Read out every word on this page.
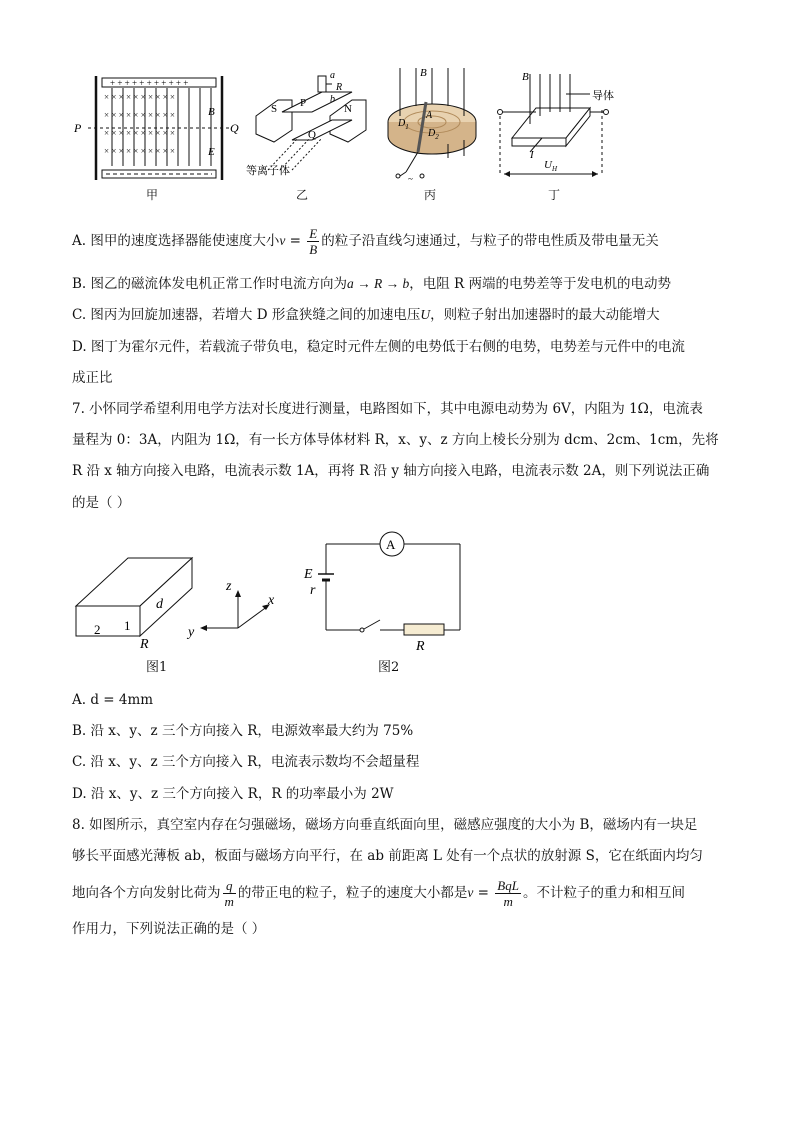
+ + + + + + + + + + +
× × × × × × × × × ×
× × × × × × × × × ×
× × × × × × × × × ×
× × × × × × × × × ×
P	Q
B
E
S P	N
Q
a
b
R
等离子体
~
B
A
$D_1$
$D_2$
B
I
$U_H$
导体
甲	乙	丙	丁
A. 图甲的速度选择器能使速度大小$v = \frac{E}{B}$ 的粒子沿直线匀速通过，与粒子的带电性质及带电量无关
B. 图乙的磁流体发电机正常工作时电流方向为a → R → b，电阻 R 两端的电势差等于发电机的电动势
C. 图丙为回旋加速器，若增大 D 形盒狭缝之间的加速电压U，则粒子射出加速器时的最大动能增大
D. 图丁为霍尔元件，若载流子带负电，稳定时元件左侧的电势低于右侧的电势，电势差与元件中的电流
成正比
7. 小怀同学希望利用电学方法对长度进行测量，电路图如下，其中电源电动势为 6V，内阻为 1Ω，电流表
量程为 0：3A，内阻为 1Ω，有一长方体导体材料 R，x、y、z 方向上棱长分别为 dcm、2cm、1cm，先将
R 沿 x 轴方向接入电路，电流表示数 1A，再将 R 沿 y 轴方向接入电路，电流表示数 2A，则下列说法正确
的是（ ）
d
2 1
R
z
x
y
图1
A
E
r
R
图2
A. d = 4mm
B. 沿 x、y、z 三个方向接入 R，电源效率最大约为 75%
C. 沿 x、y、z 三个方向接入 R，电流表示数均不会超量程
D. 沿 x、y、z 三个方向接入 R，R 的功率最小为 2W
8. 如图所示，真空室内存在匀强磁场，磁场方向垂直纸面向里，磁感应强度的大小为 B，磁场内有一块足
够长平面感光薄板 ab，板面与磁场方向平行，在 ab 前距离 L 处有一个点状的放射源 S，它在纸面内均匀
地向各个方向发射比荷为 $\frac{q}{m}$ 的带正电的粒子，粒子的速度大小都是$v = \frac{\text{BqL}}{m}$ 。不计粒子的重力和相互间
作用力，下列说法正确的是（ ）
